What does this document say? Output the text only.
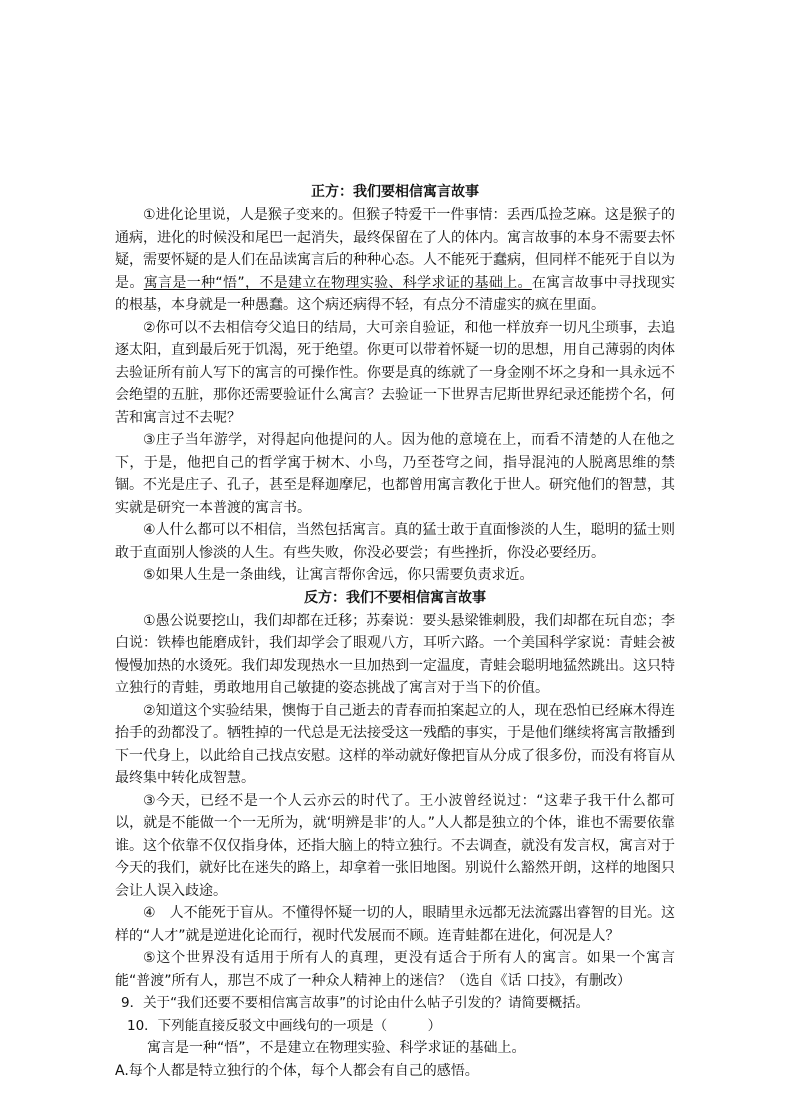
正方：我们要相信寓言故事

①进化论里说，人是猴子变来的。但猴子特爱干一件事情：丢西瓜捡芝麻。这是猴子的通病，进化的时候没和尾巴一起消失，最终保留在了人的体内。寓言故事的本身不需要去怀疑，需要怀疑的是人们在品读寓言后的种种心态。人不能死于蠢病，但同样不能死于自以为是。寓言是一种“悟”，不是建立在物理实验、科学求证的基础上。在寓言故事中寻找现实的根基，本身就是一种愚蠢。这个病还病得不轻，有点分不清虚实的疯在里面。

②你可以不去相信夸父追日的结局，大可亲自验证，和他一样放弃一切凡尘琐事，去追逐太阳，直到最后死于饥渴，死于绝望。你更可以带着怀疑一切的思想，用自己薄弱的肉体去验证所有前人写下的寓言的可操作性。你要是真的练就了一身金刚不坏之身和一具永远不会绝望的五脏，那你还需要验证什么寓言？去验证一下世界吉尼斯世界纪录还能捞个名，何苦和寓言过不去呢？

③庄子当年游学，对得起向他提问的人。因为他的意境在上，而看不清楚的人在他之下，于是，他把自己的哲学寓于树木、小鸟，乃至苍穹之间，指导混沌的人脱离思维的禁锢。不光是庄子、孔子，甚至是释迦摩尼，也都曾用寓言教化于世人。研究他们的智慧，其实就是研究一本普渡的寓言书。

④人什么都可以不相信，当然包括寓言。真的猛士敢于直面惨淡的人生，聪明的猛士则敢于直面别人惨淡的人生。有些失败，你没必要尝；有些挫折，你没必要经历。

⑤如果人生是一条曲线，让寓言帮你舍远，你只需要负责求近。

反方：我们不要相信寓言故事

①愚公说要挖山，我们却都在迁移；苏秦说：要头悬梁锥刺股，我们却都在玩自恋；李白说：铁棒也能磨成针，我们却学会了眼观八方，耳听六路。一个美国科学家说：青蛙会被慢慢加热的水烫死。我们却发现热水一旦加热到一定温度，青蛙会聪明地猛然跳出。这只特立独行的青蛙，勇敢地用自己敏捷的姿态挑战了寓言对于当下的价值。

②知道这个实验结果，懊悔于自己逝去的青春而拍案起立的人，现在恐怕已经麻木得连抬手的劲都没了。牺牲掉的一代总是无法接受这一残酷的事实，于是他们继续将寓言散播到下一代身上，以此给自己找点安慰。这样的举动就好像把盲从分成了很多份，而没有将盲从最终集中转化成智慧。

③今天，已经不是一个人云亦云的时代了。王小波曾经说过：“这辈子我干什么都可以，就是不能做一个一无所为，就‘明辨是非’的人。”人人都是独立的个体，谁也不需要依靠谁。这个依靠不仅仅指身体，还指大脑上的特立独行。不去调查，就没有发言权，寓言对于今天的我们，就好比在迷失的路上，却拿着一张旧地图。别说什么豁然开朗，这样的地图只会让人误入歧途。

④　人不能死于盲从。不懂得怀疑一切的人，眼睛里永远都无法流露出睿智的目光。这样的“人才”就是逆进化论而行，视时代发展而不顾。连青蛙都在进化，何况是人？

⑤这个世界没有适用于所有人的真理，更没有适合于所有人的寓言。如果一个寓言能“普渡”所有人，那岂不成了一种众人精神上的迷信？（选自《话 口技》，有删改）

9．关于“我们还要不要相信寓言故事”的讨论由什么帖子引发的？请简要概括。

10．下列能直接反驳文中画线句的一项是（　　　）

寓言是一种“悟”，不是建立在物理实验、科学求证的基础上。

A.每个人都是特立独行的个体，每个人都会有自己的感悟。
